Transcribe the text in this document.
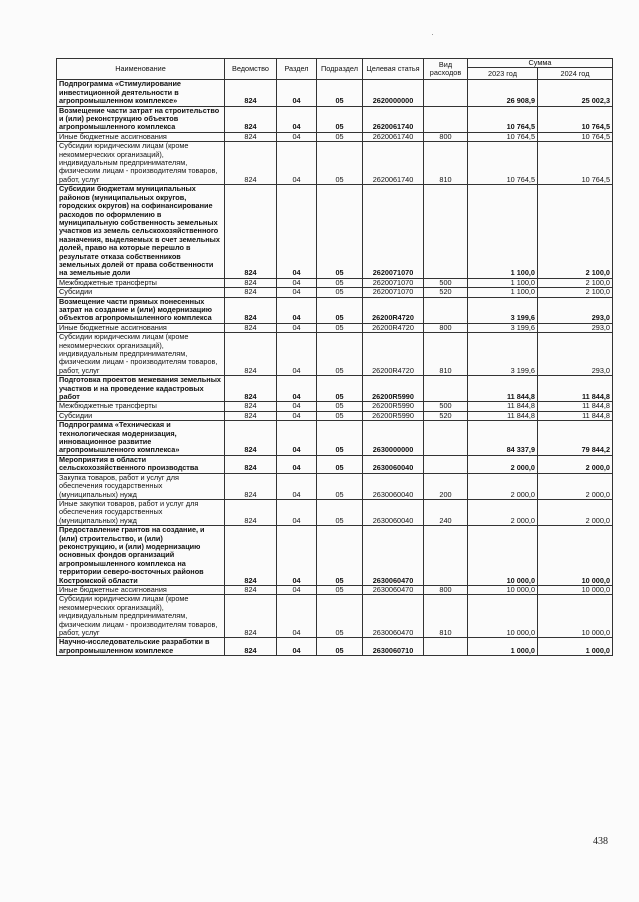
Наименование	Ведомство	Раздел	Подраздел	Целевая статья	Вид расходов	Сумма	
						2023 год	2024 год
Подпрограмма «Стимулирование инвестиционной деятельности в агропромышленном комплексе»	824	04	05	2620000000		26 908,9	25 002,3
Возмещение части затрат на строительство и (или) реконструкцию объектов агропромышленного комплекса	824	04	05	2620061740		10 764,5	10 764,5
Иные бюджетные ассигнования	824	04	05	2620061740	800	10 764,5	10 764,5
Субсидии юридическим лицам (кроме некоммерческих организаций), индивидуальным предпринимателям, физическим лицам - производителям товаров, работ, услуг	824	04	05	2620061740	810	10 764,5	10 764,5
Субсидии бюджетам муниципальных районов (муниципальных округов, городских округов) на софинансирование расходов по оформлению в муниципальную собственность земельных участков из земель сельскохозяйственного назначения, выделяемых в счет земельных долей, право на которые перешло в результате отказа собственников земельных долей от права собственности на земельные доли	824	04	05	2620071070		1 100,0	2 100,0
Межбюджетные трансферты	824	04	05	2620071070	500	1 100,0	2 100,0
Субсидии	824	04	05	2620071070	520	1 100,0	2 100,0
Возмещение части прямых понесенных затрат на создание и (или) модернизацию объектов агропромышленного комплекса	824	04	05	26200R4720		3 199,6	293,0
Иные бюджетные ассигнования	824	04	05	26200R4720	800	3 199,6	293,0
Субсидии юридическим лицам (кроме некоммерческих организаций), индивидуальным предпринимателям, физическим лицам - производителям товаров, работ, услуг	824	04	05	26200R4720	810	3 199,6	293,0
Подготовка проектов межевания земельных участков и на проведение кадастровых работ	824	04	05	26200R5990		11 844,8	11 844,8
Межбюджетные трансферты	824	04	05	26200R5990	500	11 844,8	11 844,8
Субсидии	824	04	05	26200R5990	520	11 844,8	11 844,8
Подпрограмма «Техническая и технологическая модернизация, инновационное развитие агропромышленного комплекса»	824	04	05	2630000000		84 337,9	79 844,2
Мероприятия в области сельскохозяйственного производства	824	04	05	2630060040		2 000,0	2 000,0
Закупка товаров, работ и услуг для обеспечения государственных (муниципальных) нужд	824	04	05	2630060040	200	2 000,0	2 000,0
Иные закупки товаров, работ и услуг для обеспечения государственных (муниципальных) нужд	824	04	05	2630060040	240	2 000,0	2 000,0
Предоставление грантов на создание, и (или) строительство, и (или) реконструкцию, и (или) модернизацию основных фондов организаций агропромышленного комплекса на территории северо-восточных районов Костромской области	824	04	05	2630060470		10 000,0	10 000,0
Иные бюджетные ассигнования	824	04	05	2630060470	800	10 000,0	10 000,0
Субсидии юридическим лицам (кроме некоммерческих организаций), индивидуальным предпринимателям, физическим лицам - производителям товаров, работ, услуг	824	04	05	2630060470	810	10 000,0	10 000,0
Научно-исследовательские разработки в агропромышленном комплексе	824	04	05	2630060710		1 000,0	1 000,0
438
